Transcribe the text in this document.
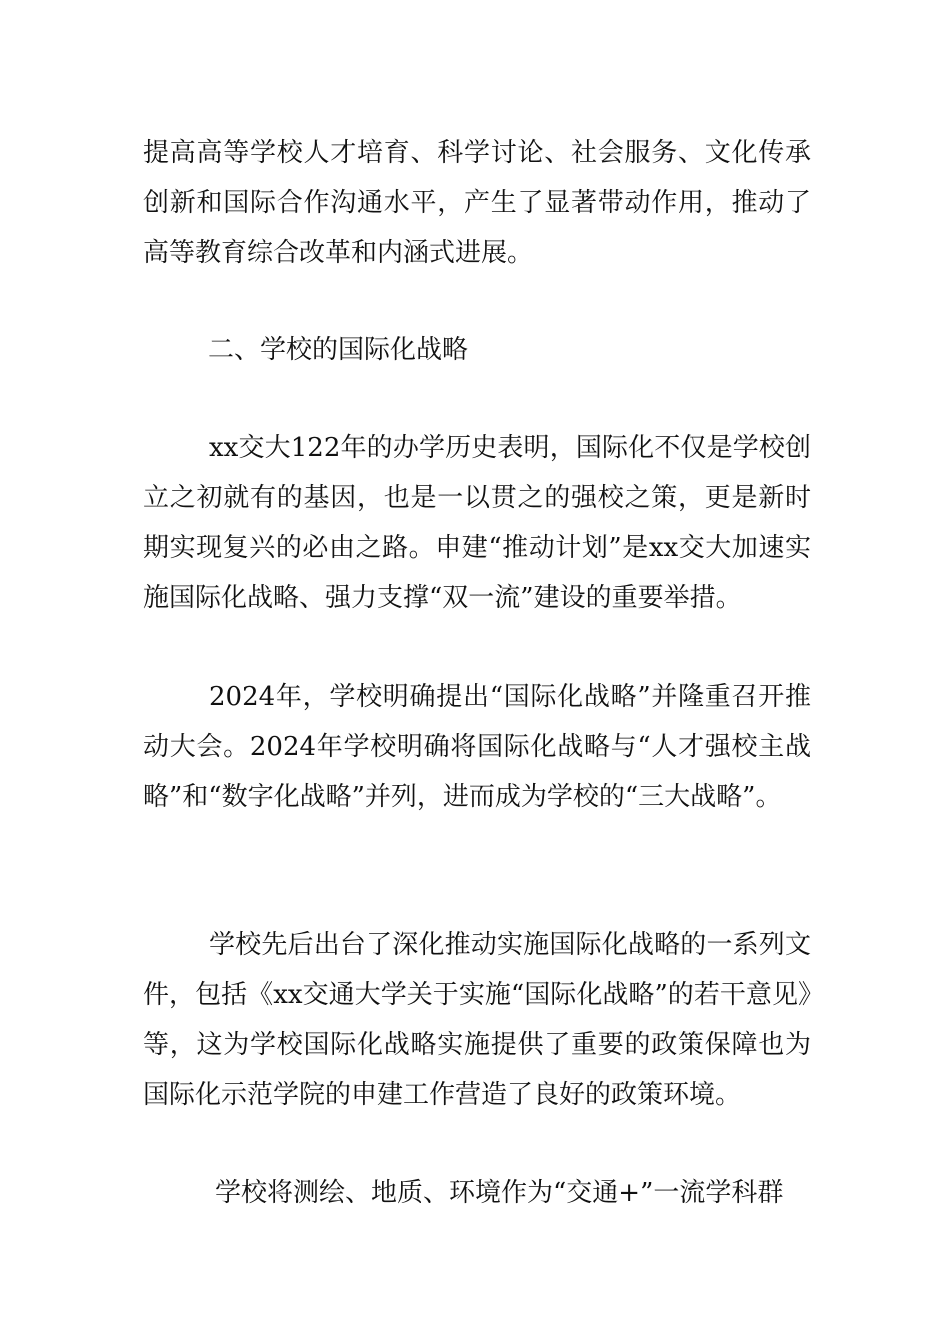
提高高等学校人才培育、科学讨论、社会服务、文化传承创新和国际合作沟通水平，产生了显著带动作用，推动了高等教育综合改革和内涵式进展。

二、学校的国际化战略

xx交大122年的办学历史表明，国际化不仅是学校创立之初就有的基因，也是一以贯之的强校之策，更是新时期实现复兴的必由之路。申建“推动计划”是xx交大加速实施国际化战略、强力支撑“双一流”建设的重要举措。

2024年，学校明确提出“国际化战略”并隆重召开推动大会。2024年学校明确将国际化战略与“人才强校主战略”和“数字化战略”并列，进而成为学校的“三大战略”。

学校先后出台了深化推动实施国际化战略的一系列文件，包括《xx交通大学关于实施“国际化战略”的若干意见》等，这为学校国际化战略实施提供了重要的政策保障也为国际化示范学院的申建工作营造了良好的政策环境。

学校将测绘、地质、环境作为“交通+”一流学科群
